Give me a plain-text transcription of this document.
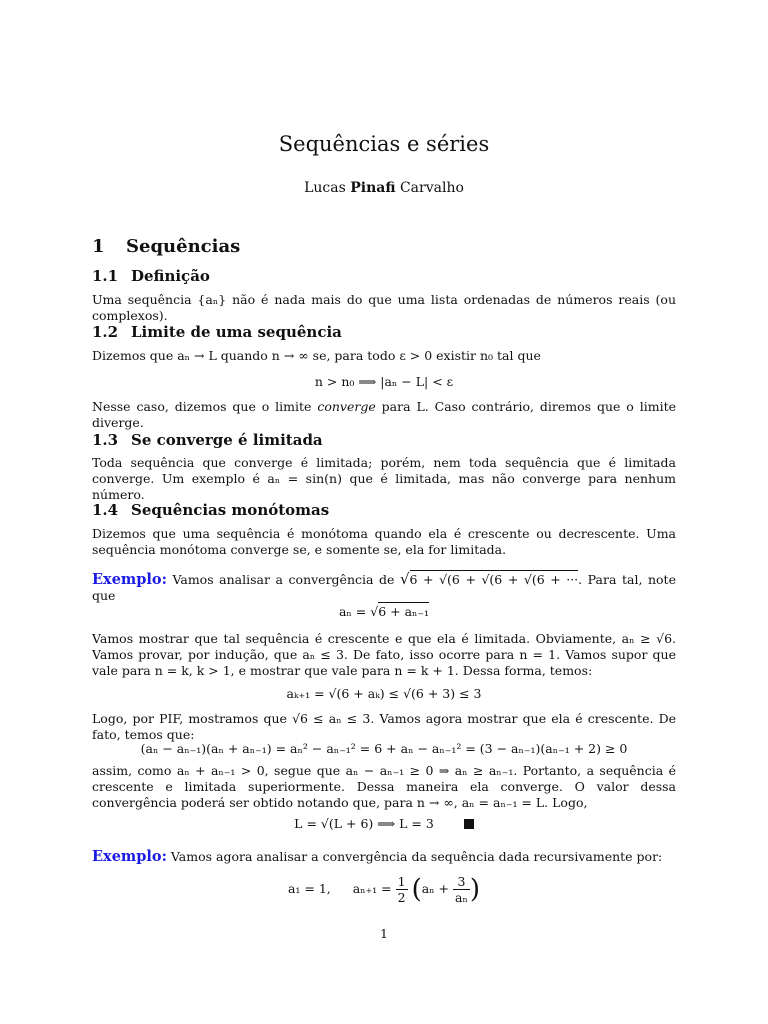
Sequências e séries
Lucas Pinafi Carvalho
1 Sequências
1.1 Definição
Uma sequência {aₙ} não é nada mais do que uma lista ordenadas de números reais (ou complexos).
1.2 Limite de uma sequência
Dizemos que aₙ → L quando n → ∞ se, para todo ε > 0 existir n₀ tal que
n > n₀ ⟹ |aₙ − L| < ε
Nesse caso, dizemos que o limite converge para L. Caso contrário, diremos que o limite diverge.
1.3 Se converge é limitada
Toda sequência que converge é limitada; porém, nem toda sequência que é limitada converge. Um exemplo é aₙ = sin(n) que é limitada, mas não converge para nenhum número.
1.4 Sequências monótomas
Dizemos que uma sequência é monótoma quando ela é crescente ou decrescente. Uma sequência monótoma converge se, e somente se, ela for limitada.
Exemplo: Vamos analisar a convergência de √6 + √(6 + √(6 + √(6 + ···. Para tal, note que
aₙ = √6 + aₙ₋₁
Vamos mostrar que tal sequência é crescente e que ela é limitada. Obviamente, aₙ ≥ √6. Vamos provar, por indução, que aₙ ≤ 3. De fato, isso ocorre para n = 1. Vamos supor que vale para n = k, k > 1, e mostrar que vale para n = k + 1. Dessa forma, temos:
aₖ₊₁ = √(6 + aₖ) ≤ √(6 + 3) ≤ 3
Logo, por PIF, mostramos que √6 ≤ aₙ ≤ 3. Vamos agora mostrar que ela é crescente. De fato, temos que:
(aₙ − aₙ₋₁)(aₙ + aₙ₋₁) = aₙ² − aₙ₋₁² = 6 + aₙ − aₙ₋₁² = (3 − aₙ₋₁)(aₙ₋₁ + 2) ≥ 0
assim, como aₙ + aₙ₋₁ > 0, segue que aₙ − aₙ₋₁ ≥ 0 ⇒ aₙ ≥ aₙ₋₁. Portanto, a sequência é crescente e limitada superiormente. Dessa maneira ela converge. O valor dessa convergência poderá ser obtido notando que, para n → ∞, aₙ = aₙ₋₁ = L. Logo,
L = √(L + 6) ⟹ L = 3
Exemplo: Vamos agora analisar a convergência da sequência dada recursivamente por:
a₁ = 1, $a_{n+1} = \frac{1}{2} (a_n + \frac{3}{\text{aₙ}}$ )
1
